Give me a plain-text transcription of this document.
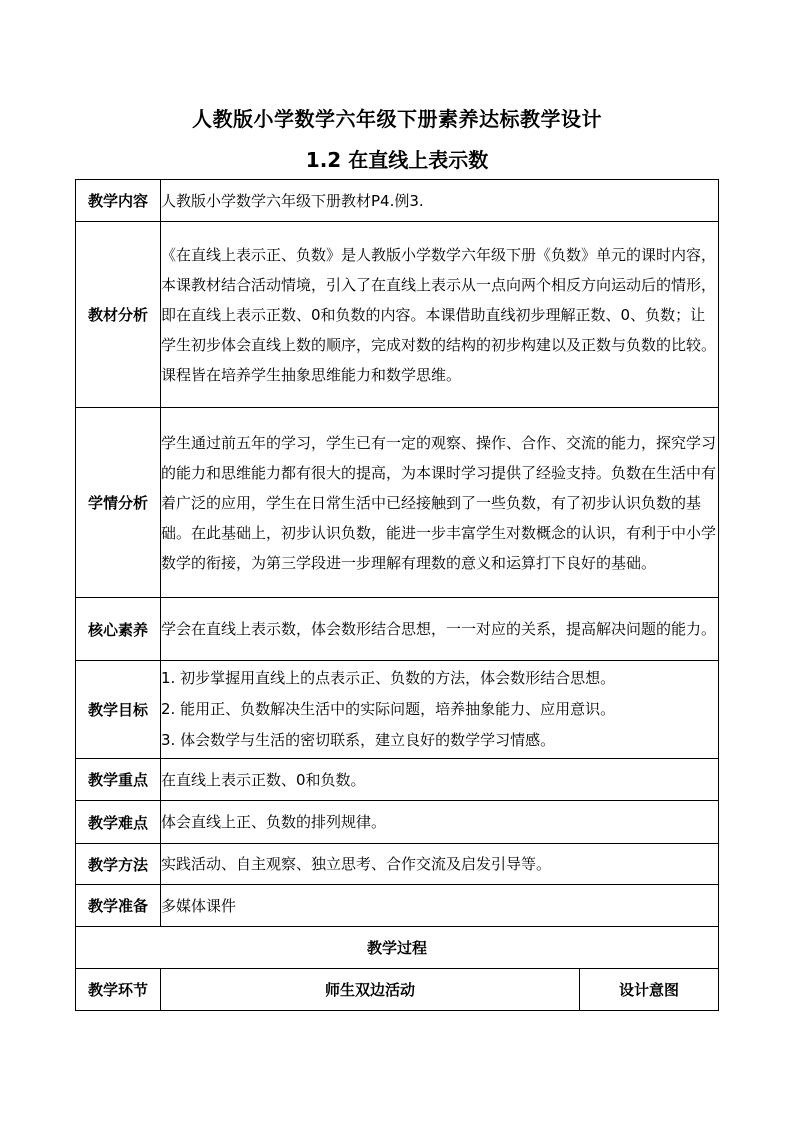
人教版小学数学六年级下册素养达标教学设计
1.2 在直线上表示数
教学内容	人教版小学数学六年级下册教材P4.例3.	
教材分析	《在直线上表示正、负数》是人教版小学数学六年级下册《负数》单元的课时内容，本课教材结合活动情境，引入了在直线上表示从一点向两个相反方向运动后的情形，即在直线上表示正数、0和负数的内容。本课借助直线初步理解正数、0、负数；让学生初步体会直线上数的顺序，完成对数的结构的初步构建以及正数与负数的比较。课程皆在培养学生抽象思维能力和数学思维。	
学情分析	学生通过前五年的学习，学生已有一定的观察、操作、合作、交流的能力，探究学习的能力和思维能力都有很大的提高，为本课时学习提供了经验支持。负数在生活中有着广泛的应用，学生在日常生活中已经接触到了一些负数，有了初步认识负数的基础。在此基础上，初步认识负数，能进一步丰富学生对数概念的认识，有利于中小学数学的衔接，为第三学段进一步理解有理数的意义和运算打下良好的基础。	
核心素养	学会在直线上表示数，体会数形结合思想，一一对应的关系，提高解决问题的能力。	
教学目标	1. 初步掌握用直线上的点表示正、负数的方法，体会数形结合思想。
2. 能用正、负数解决生活中的实际问题，培养抽象能力、应用意识。
3. 体会数学与生活的密切联系，建立良好的数学学习情感。	

教学重点	在直线上表示正数、0和负数。	
教学难点	体会直线上正、负数的排列规律。	
教学方法	实践活动、自主观察、独立思考、合作交流及启发引导等。	
教学准备	多媒体课件	
教学过程		
教学环节	师生双边活动	设计意图
